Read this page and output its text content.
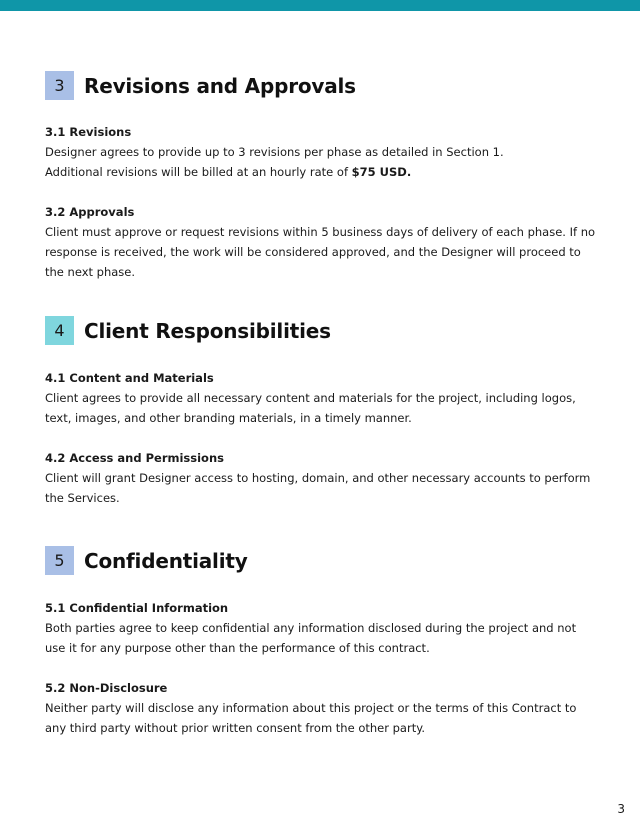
3 Revisions and Approvals
3.1 Revisions

Designer agrees to provide up to 3 revisions per phase as detailed in Section 1.
Additional revisions will be billed at an hourly rate of $75 USD.

3.2 Approvals

Client must approve or request revisions within 5 business days of delivery of each phase. If no response is received, the work will be considered approved, and the Designer will proceed to the next phase.

4 Client Responsibilities
4.1 Content and Materials

Client agrees to provide all necessary content and materials for the project, including logos, text, images, and other branding materials, in a timely manner.

4.2 Access and Permissions

Client will grant Designer access to hosting, domain, and other necessary accounts to perform the Services.

5 Confidentiality
5.1 Confidential Information

Both parties agree to keep confidential any information disclosed during the project and not use it for any purpose other than the performance of this contract.

5.2 Non-Disclosure

Neither party will disclose any information about this project or the terms of this Contract to any third party without prior written consent from the other party.

3
